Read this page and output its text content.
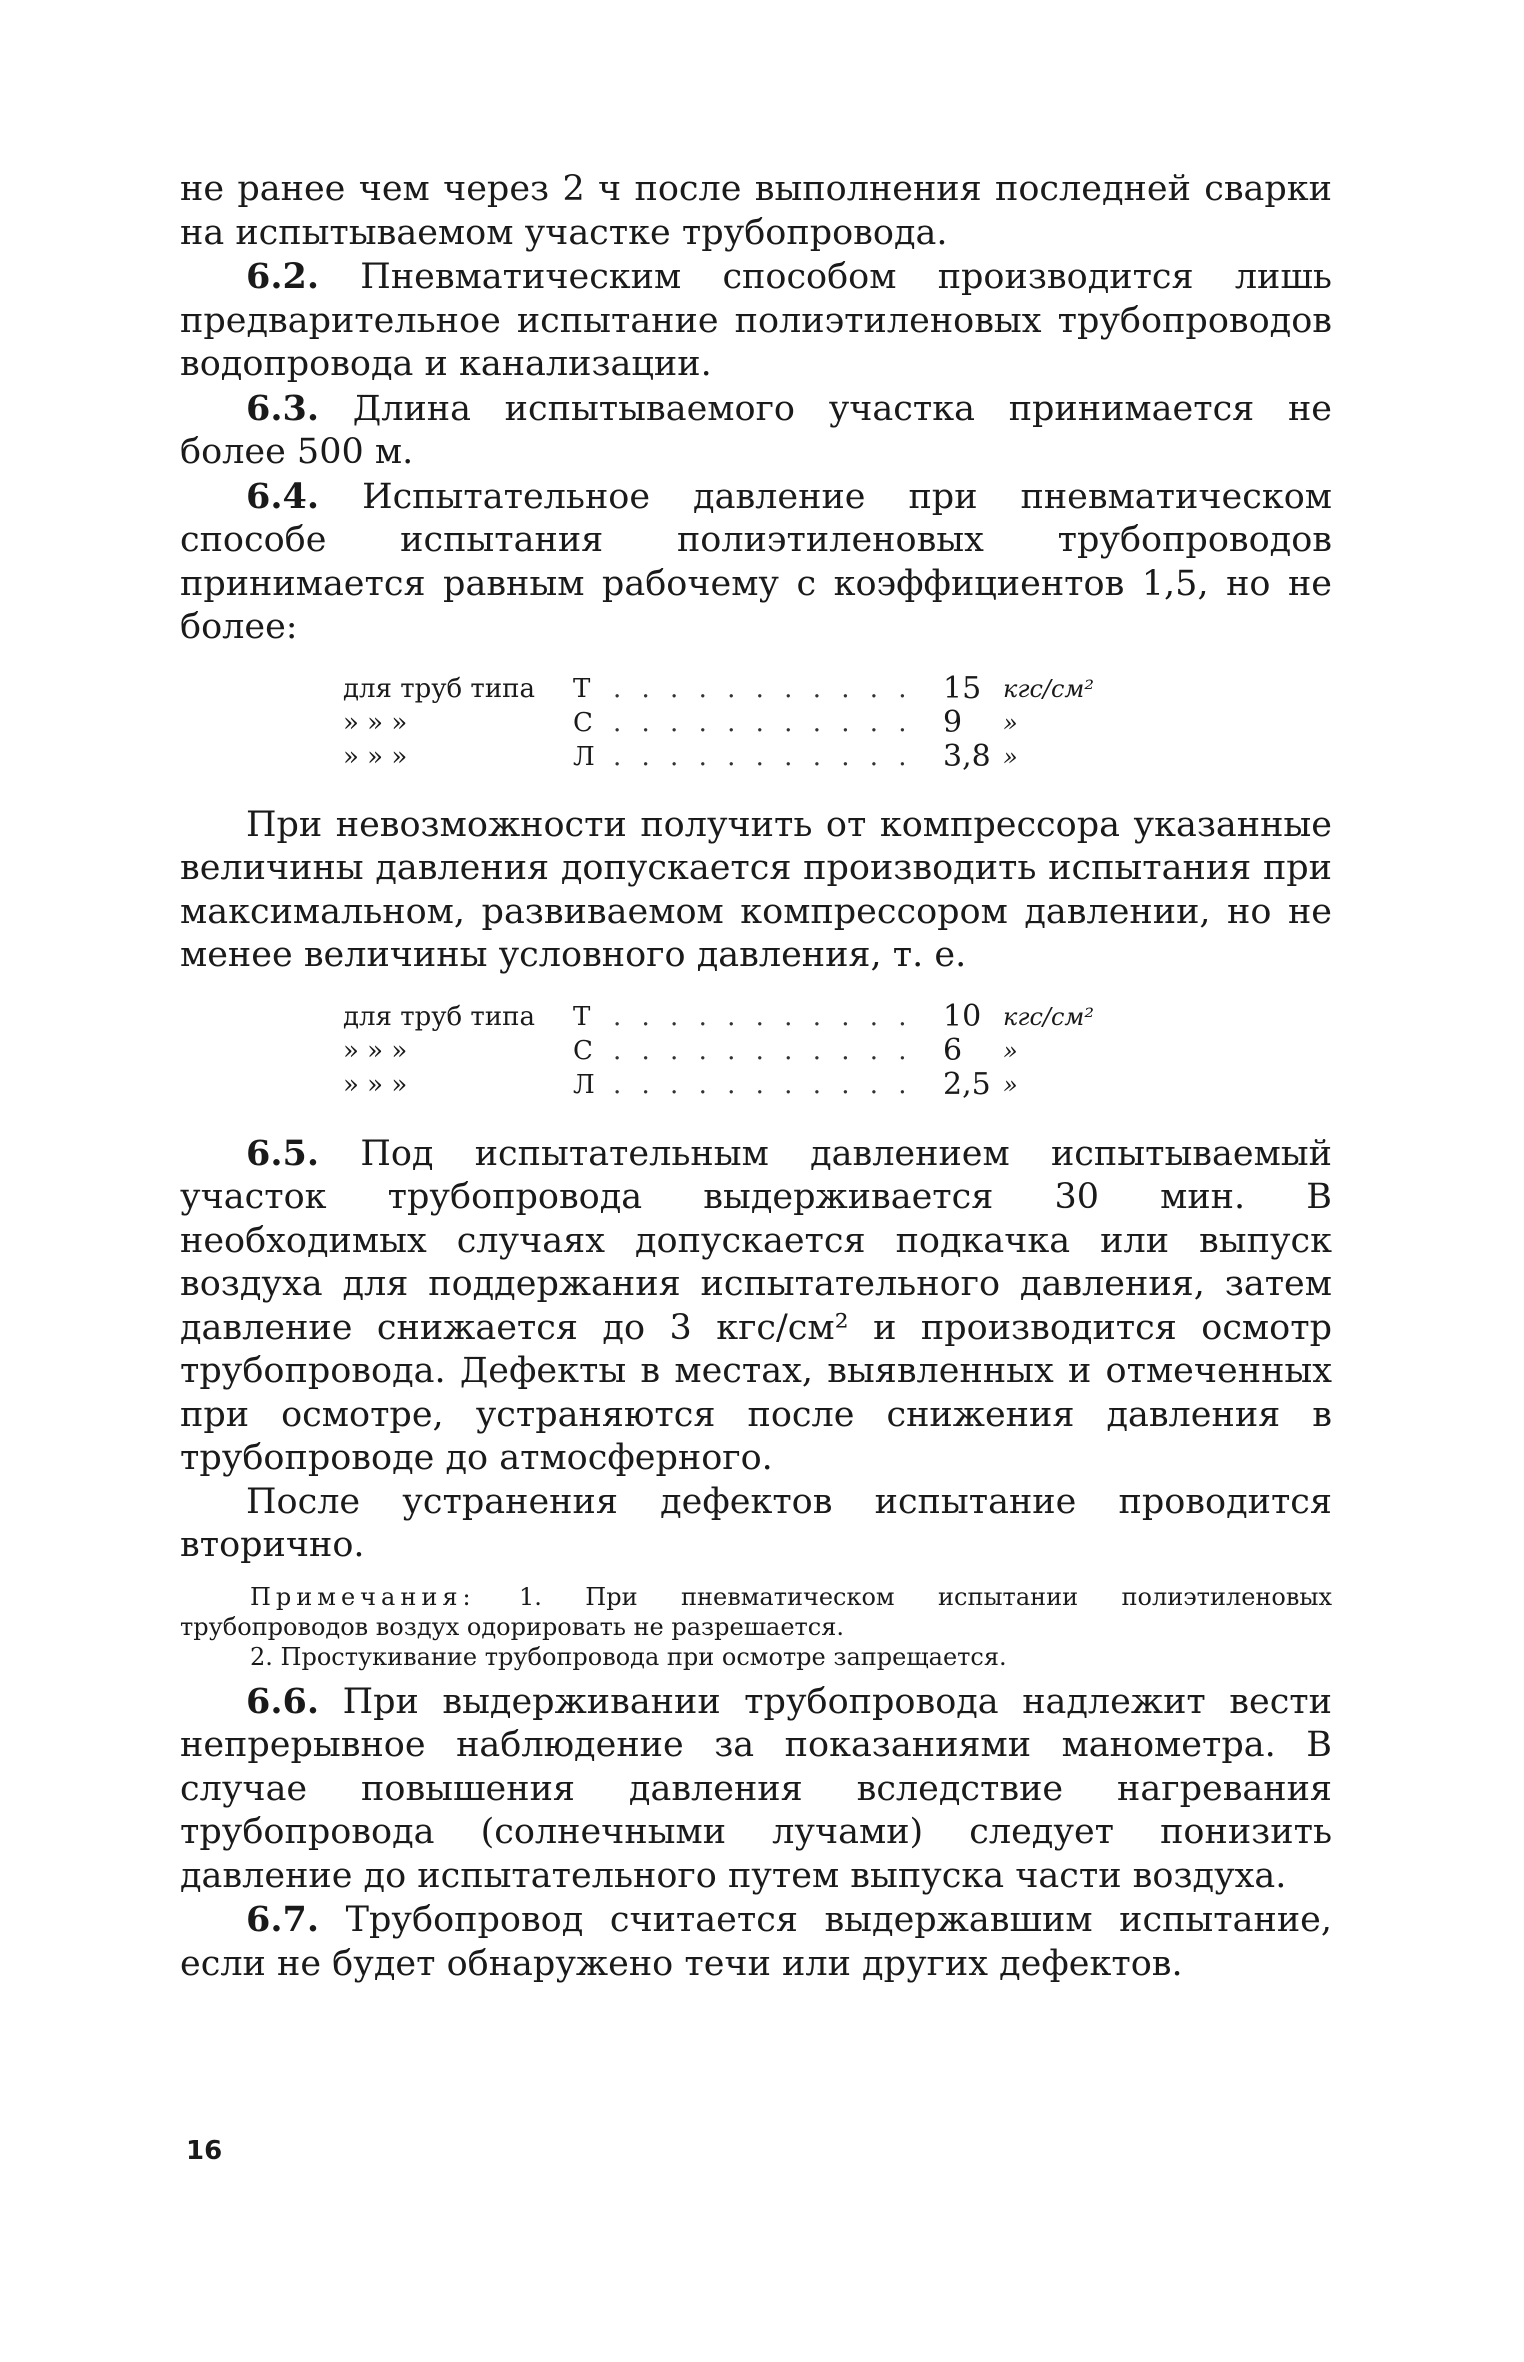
не ранее чем через 2 ч после выполнения последней сварки на испытываемом участке трубопровода.

6.2. Пневматическим способом производится лишь предварительное испытание полиэтиленовых трубопроводов водопровода и канализации.

6.3. Длина испытываемого участка принимается не более 500 м.

6.4. Испытательное давление при пневматическом способе испытания полиэтиленовых трубопроводов принимается равным рабочему с коэффициентов 1,5, но не более:

для труб типа	Т	. . . . . . . . . . .	15	кгс/см²
» » »	С	. . . . . . . . . . .	9	»
» » »	Л	. . . . . . . . . . .	3,8	»

При невозможности получить от компрессора указанные величины давления допускается производить испытания при максимальном, развиваемом компрессором давлении, но не менее величины условного давления, т. е.

для труб типа	Т	. . . . . . . . . . .	10	кгс/см²
» » »	С	. . . . . . . . . . .	6	»
» » »	Л	. . . . . . . . . . .	2,5	»

6.5. Под испытательным давлением испытываемый участок трубопровода выдерживается 30 мин. В необходимых случаях допускается подкачка или выпуск воздуха для поддержания испытательного давления, затем давление снижается до 3 кгс/см² и производится осмотр трубопровода. Дефекты в местах, выявленных и отмеченных при осмотре, устраняются после снижения давления в трубопроводе до атмосферного.

После устранения дефектов испытание проводится вторично.

Примечания: 1. При пневматическом испытании полиэтиленовых трубопроводов воздух одорировать не разрешается.

2. Простукивание трубопровода при осмотре запрещается.

6.6. При выдерживании трубопровода надлежит вести непрерывное наблюдение за показаниями манометра. В случае повышения давления вследствие нагревания трубопровода (солнечными лучами) следует понизить давление до испытательного путем выпуска части воздуха.

6.7. Трубопровод считается выдержавшим испытание, если не будет обнаружено течи или других дефектов.

16
